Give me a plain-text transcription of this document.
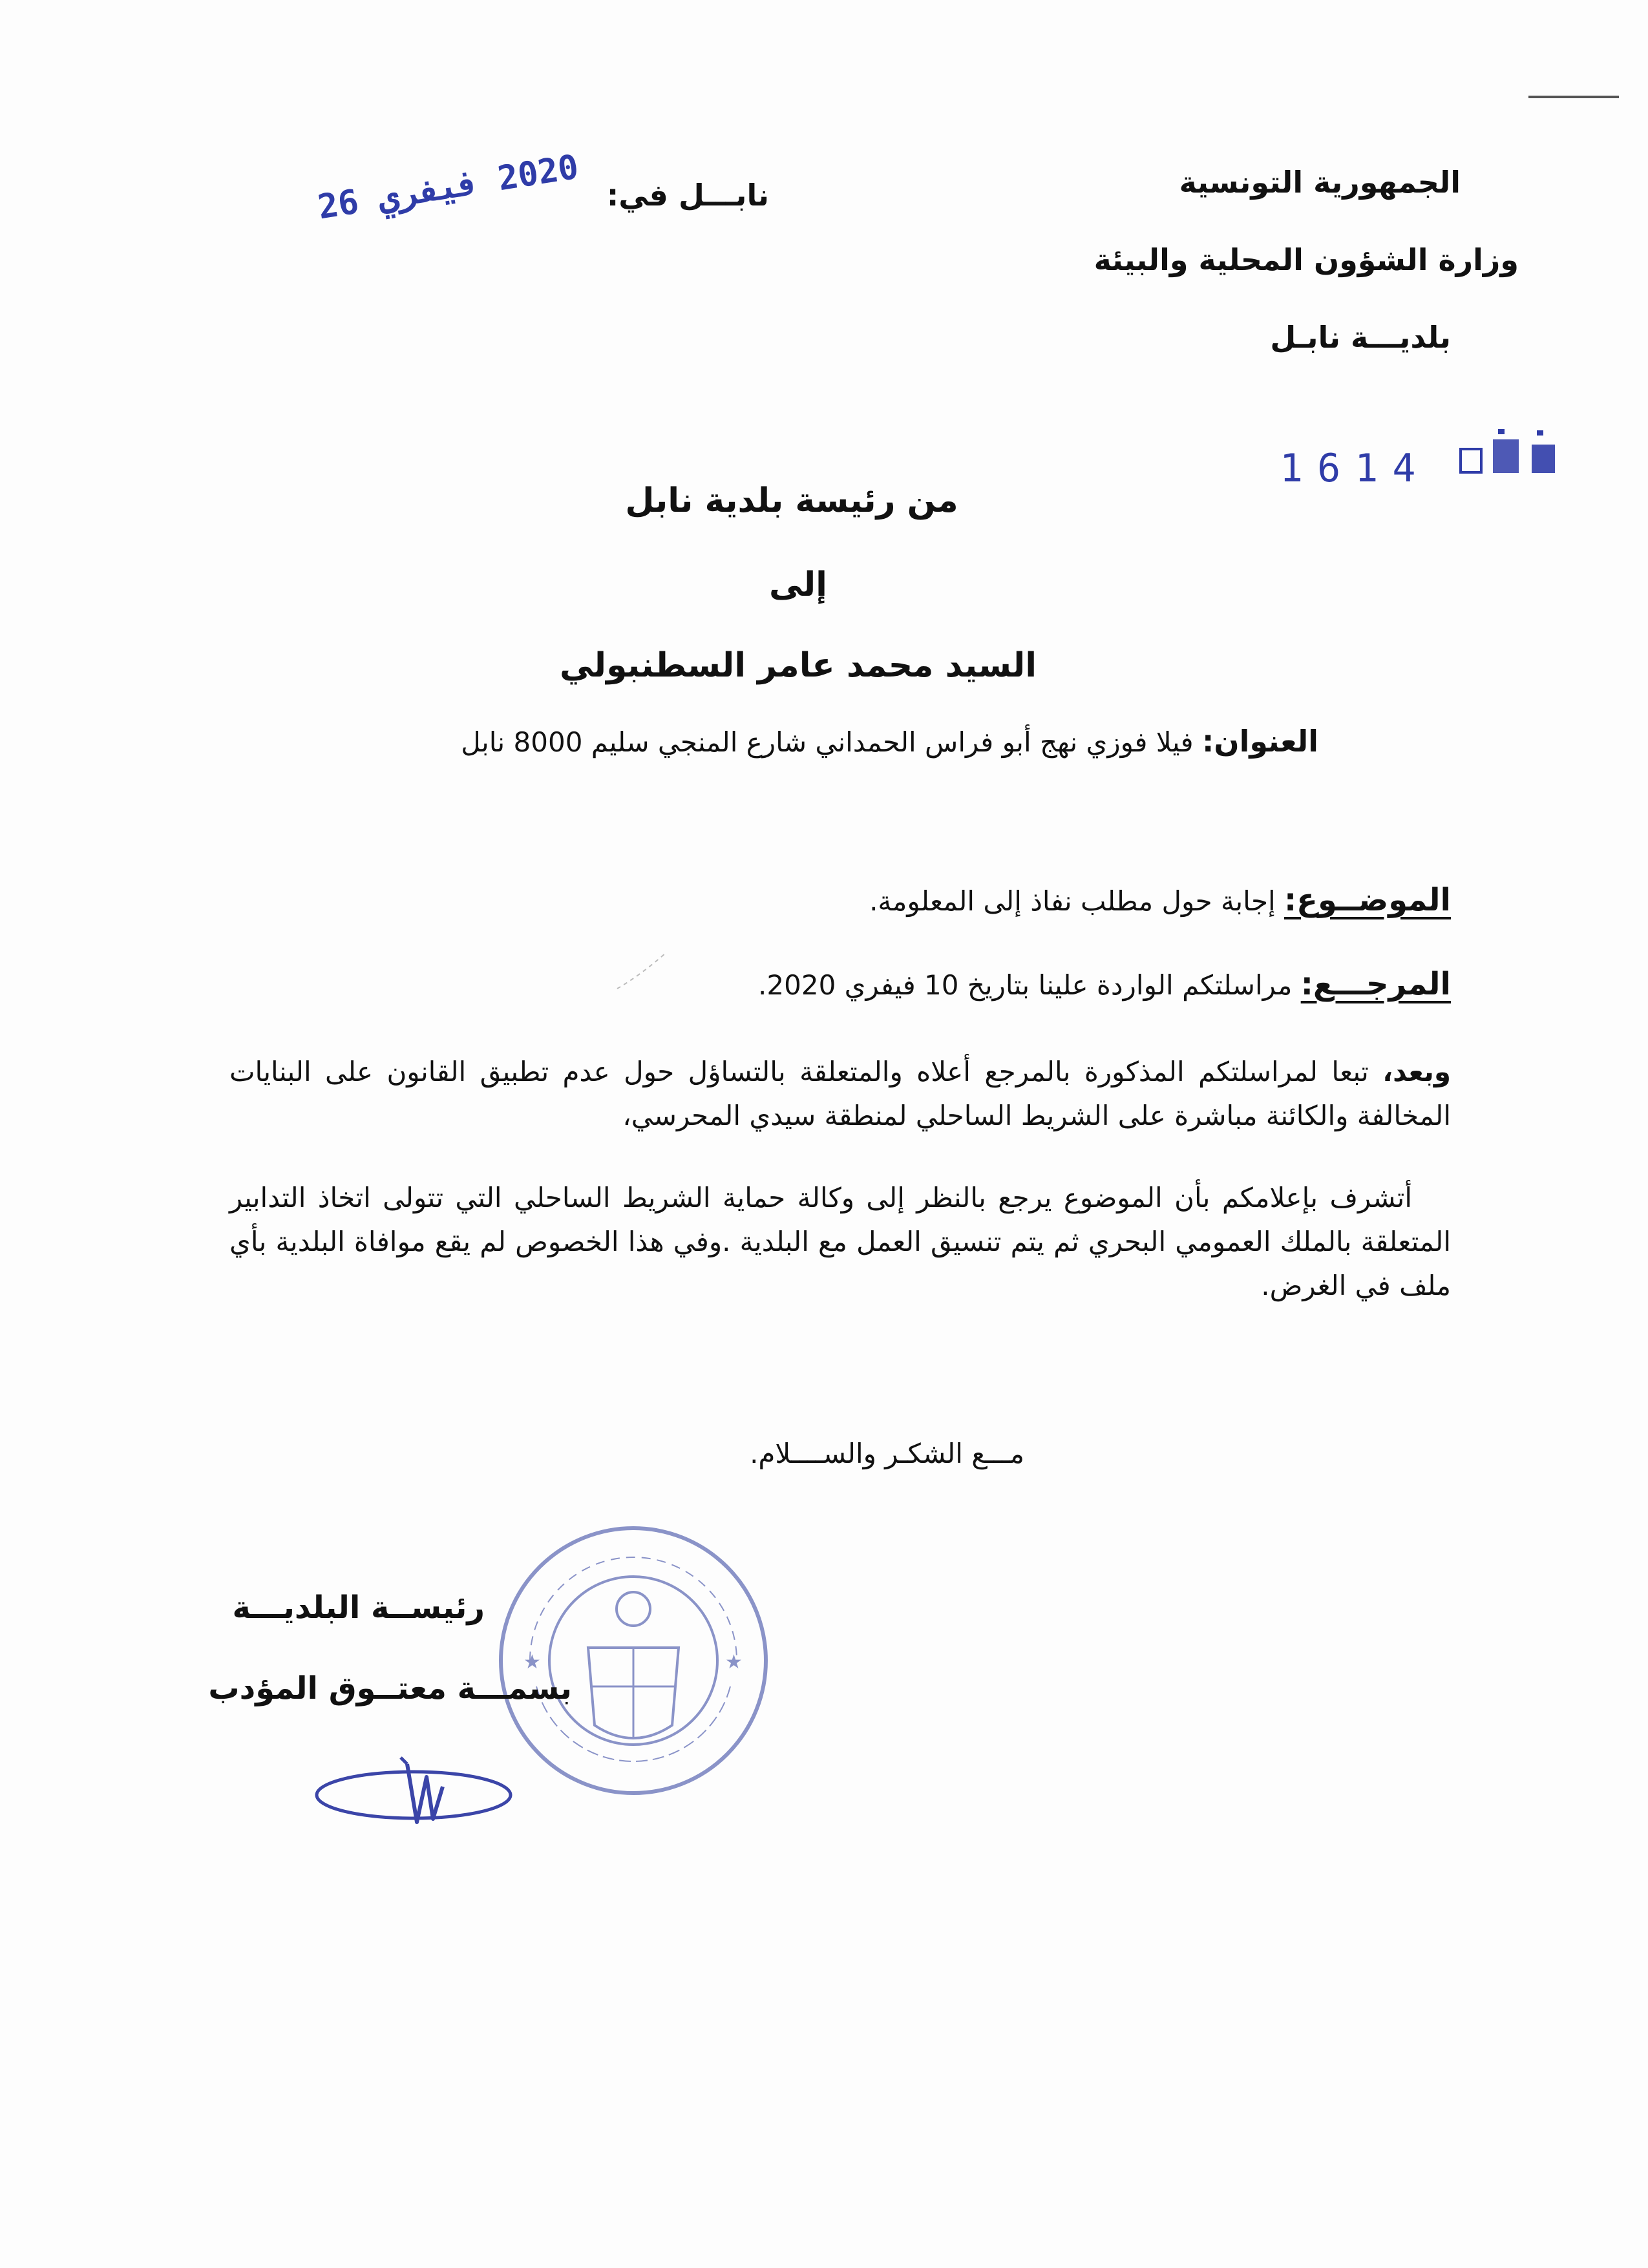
الجمهورية التونسية
وزارة الشؤون المحلية والبيئة
بلديـــة نابـل
نابـــل في:
2020 فيفري 26
1614
من رئيسة بلدية نابل
إلى
السيد محمد عامر السطنبولي
العنوان: فيلا فوزي نهج أبو فراس الحمداني شارع المنجي سليم 8000 نابل
الموضــوع: إجابة حول مطلب نفاذ إلى المعلومة.
المرجـــع: مراسلتكم الواردة علينا بتاريخ 10 فيفري 2020.
وبعد، تبعا لمراسلتكم المذكورة بالمرجع أعلاه والمتعلقة بالتساؤل حول عدم تطبيق القانون على البنايات المخالفة والكائنة مباشرة على الشريط الساحلي لمنطقة سيدي المحرسي،
أتشرف بإعلامكم بأن الموضوع يرجع بالنظر إلى وكالة حماية الشريط الساحلي التي تتولى اتخاذ التدابير المتعلقة بالملك العمومي البحري ثم يتم تنسيق العمل مع البلدية .وفي هذا الخصوص لم يقع موافاة البلدية بأي ملف في الغرض.
مـــع الشكـر والســــلام.
★	★
رئيســة البلديـــة
بسمـــة معتــوق المؤدب
